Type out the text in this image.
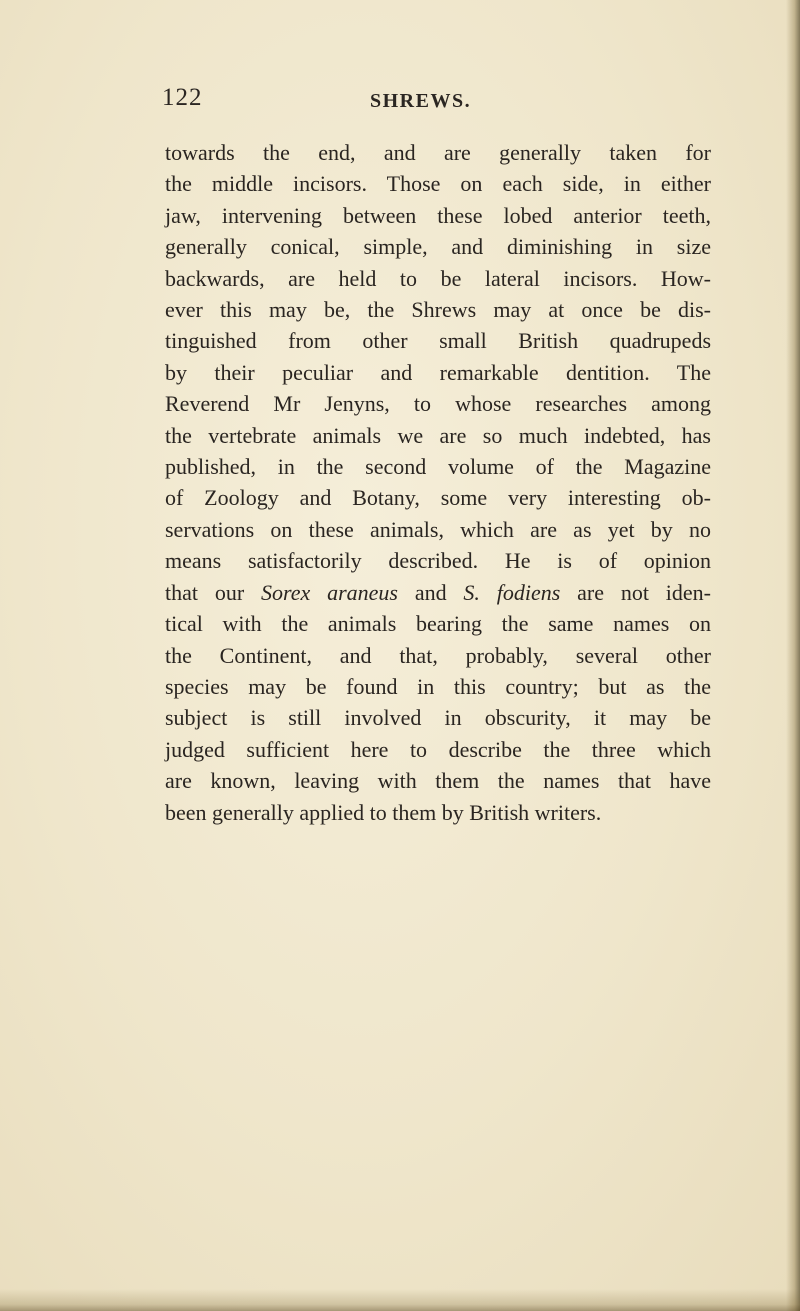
122	SHREWS.
towards the end, and are generally taken for
the middle incisors. Those on each side, in either
jaw, intervening between these lobed anterior teeth,
generally conical, simple, and diminishing in size
backwards, are held to be lateral incisors. How-
ever this may be, the Shrews may at once be dis-
tinguished from other small British quadrupeds
by their peculiar and remarkable dentition. The
Reverend Mr Jenyns, to whose researches among
the vertebrate animals we are so much indebted, has
published, in the second volume of the Magazine
of Zoology and Botany, some very interesting ob-
servations on these animals, which are as yet by no
means satisfactorily described. He is of opinion
that our Sorex araneus and S. fodiens are not iden-
tical with the animals bearing the same names on
the Continent, and that, probably, several other
species may be found in this country; but as the
subject is still involved in obscurity, it may be
judged sufficient here to describe the three which
are known, leaving with them the names that have
been generally applied to them by British writers.
